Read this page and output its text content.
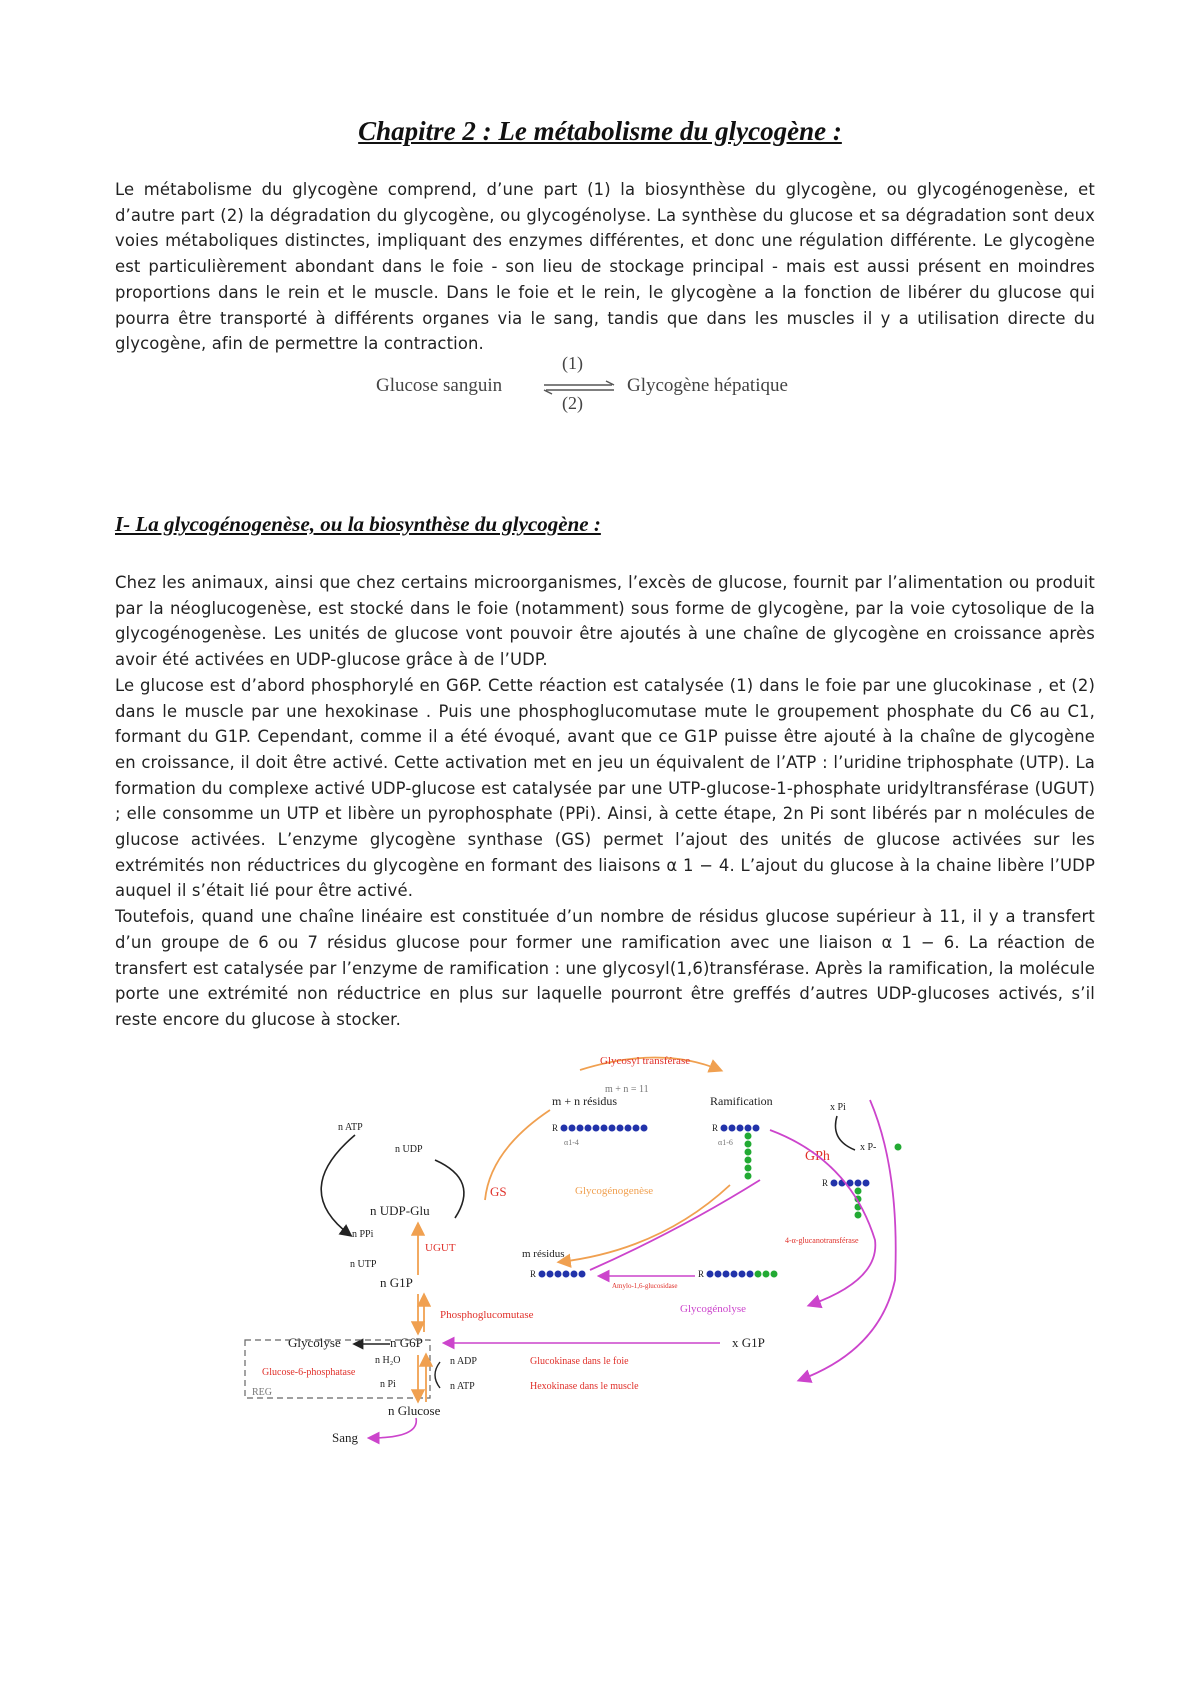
Chapitre 2 : Le métabolisme du glycogène :

Le métabolisme du glycogène comprend, d’une part (1) la biosynthèse du glycogène, ou glycogénogenèse, et d’autre part (2) la dégradation du glycogène, ou glycogénolyse. La synthèse du glucose et sa dégradation sont deux voies métaboliques distinctes, impliquant des enzymes différentes, et donc une régulation différente. Le glycogène est particulièrement abondant dans le foie - son lieu de stockage principal - mais est aussi présent en moindres proportions dans le rein et le muscle. Dans le foie et le rein, le glycogène a la fonction de libérer du glucose qui pourra être transporté à différents organes via le sang, tandis que dans les muscles il y a utilisation directe du glycogène, afin de permettre la contraction.

Glucose sanguin
(1)
(2)
Glycogène hépatique
I- La glycogénogenèse, ou la biosynthèse du glycogène :

Chez les animaux, ainsi que chez certains microorganismes, l’excès de glucose, fournit par l’alimentation ou produit par la néoglucogenèse, est stocké dans le foie (notamment) sous forme de glycogène, par la voie cytosolique de la glycogénogenèse. Les unités de glucose vont pouvoir être ajoutés à une chaîne de glycogène en croissance après avoir été activées en UDP-glucose grâce à de l’UDP.

Le glucose est d’abord phosphorylé en G6P. Cette réaction est catalysée (1) dans le foie par une glucokinase , et (2) dans le muscle par une hexokinase . Puis une phosphoglucomutase mute le groupement phosphate du C6 au C1, formant du G1P. Cependant, comme il a été évoqué, avant que ce G1P puisse être ajouté à la chaîne de glycogène en croissance, il doit être activé. Cette activation met en jeu un équivalent de l’ATP : l’uridine triphosphate (UTP). La formation du complexe activé UDP-glucose est catalysée par une UTP-glucose-1-phosphate uridyltransférase (UGUT) ; elle consomme un UTP et libère un pyrophosphate (PPi). Ainsi, à cette étape, 2n Pi sont libérés par n molécules de glucose activées. L’enzyme glycogène synthase (GS) permet l’ajout des unités de glucose activées sur les extrémités non réductrices du glycogène en formant des liaisons α 1 − 4. L’ajout du glucose à la chaine libère l’UDP auquel il s’était lié pour être activé.

Toutefois, quand une chaîne linéaire est constituée d’un nombre de résidus glucose supérieur à 11, il y a transfert d’un groupe de 6 ou 7 résidus glucose pour former une ramification avec une liaison α 1 − 6. La réaction de transfert est catalysée par l’enzyme de ramification : une glycosyl(1,6)transférase. Après la ramification, la molécule porte une extrémité non réductrice en plus sur laquelle pourront être greffés d’autres UDP-glucoses activés, s’il reste encore du glucose à stocker.

Glycosyl transférase
m + n = 11
m + n résidus	Ramification
R
α1-4
R
α1-6
x Pi
x P-
GPh
R
4-α-glucanotransférase
GS	Glycogénogenèse
n ATP
n UDP
n UDP-Glu
n PPi
UGUT
n UTP
n G1P
m résidus
R
Amylo-1,6-glucosidase
R
Glycogénolyse
Phosphoglucomutase
Glycolyse	n G6P	x G1P
n H₂O
Glucose-6-phosphatase
n Pi
REG
n ADP	Glucokinase dans le foie
n ATP	Hexokinase dans le muscle
n Glucose
Sang
